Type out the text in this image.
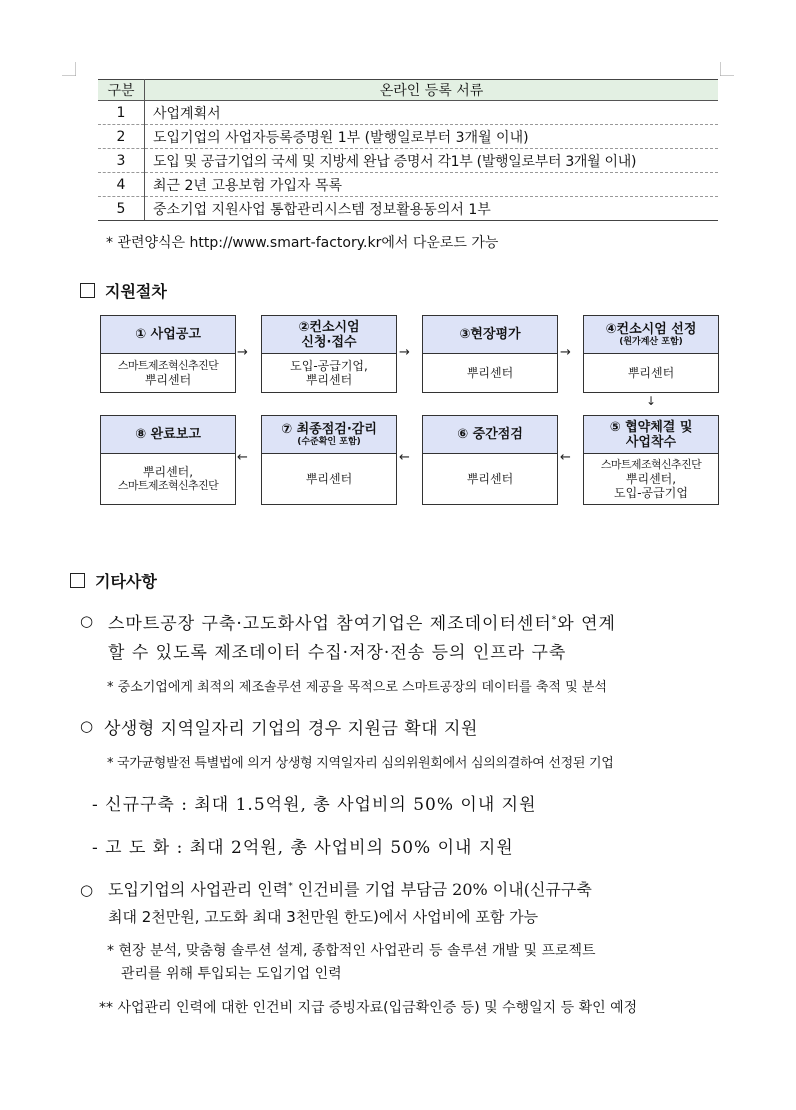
구분	온라인 등록 서류
1	사업계획서
2	도입기업의 사업자등록증명원 1부 (발행일로부터 3개월 이내)
3	도입 및 공급기업의 국세 및 지방세 완납 증명서 각1부 (발행일로부터 3개월 이내)
4	최근 2년 고용보험 가입자 목록
5	중소기업 지원사업 통합관리시스템 정보활용동의서 1부
* 관련양식은 http://www.smart-factory.kr에서 다운로드 가능
지원절차
① 사업공고
스마트제조혁신추진단
뿌리센터
→
②컨소시엄
신청·접수
도입-공급기업,
뿌리센터
→
③현장평가
뿌리센터
→
④컨소시엄 선정
(원가계산 포함)
뿌리센터
↓
⑧ 완료보고
뿌리센터,
스마트제조혁신추진단
←
⑦ 최종점검·감리
(수준확인 포함)
뿌리센터
←
⑥ 중간점검
뿌리센터
←
⑤ 협약체결 및
사업착수
스마트제조혁신추진단
뿌리센터,
도입-공급기업
기타사항
○ 스마트공장 구축·고도화사업 참여기업은 제조데이터센터*와 연계
할 수 있도록 제조데이터 수집·저장·전송 등의 인프라 구축
* 중소기업에게 최적의 제조솔루션 제공을 목적으로 스마트공장의 데이터를 축적 및 분석
○ 상생형 지역일자리 기업의 경우 지원금 확대 지원
* 국가균형발전 특별법에 의거 상생형 지역일자리 심의위원회에서 심의의결하여 선정된 기업
- 신규구축 : 최대 1.5억원, 총 사업비의 50% 이내 지원
- 고 도 화 : 최대 2억원, 총 사업비의 50% 이내 지원
○ 도입기업의 사업관리 인력* 인건비를 기업 부담금 20% 이내(신규구축
최대 2천만원, 고도화 최대 3천만원 한도)에서 사업비에 포함 가능
* 현장 분석, 맞춤형 솔루션 설계, 종합적인 사업관리 등 솔루션 개발 및 프로젝트
관리를 위해 투입되는 도입기업 인력
** 사업관리 인력에 대한 인건비 지급 증빙자료(입금확인증 등) 및 수행일지 등 확인 예정
